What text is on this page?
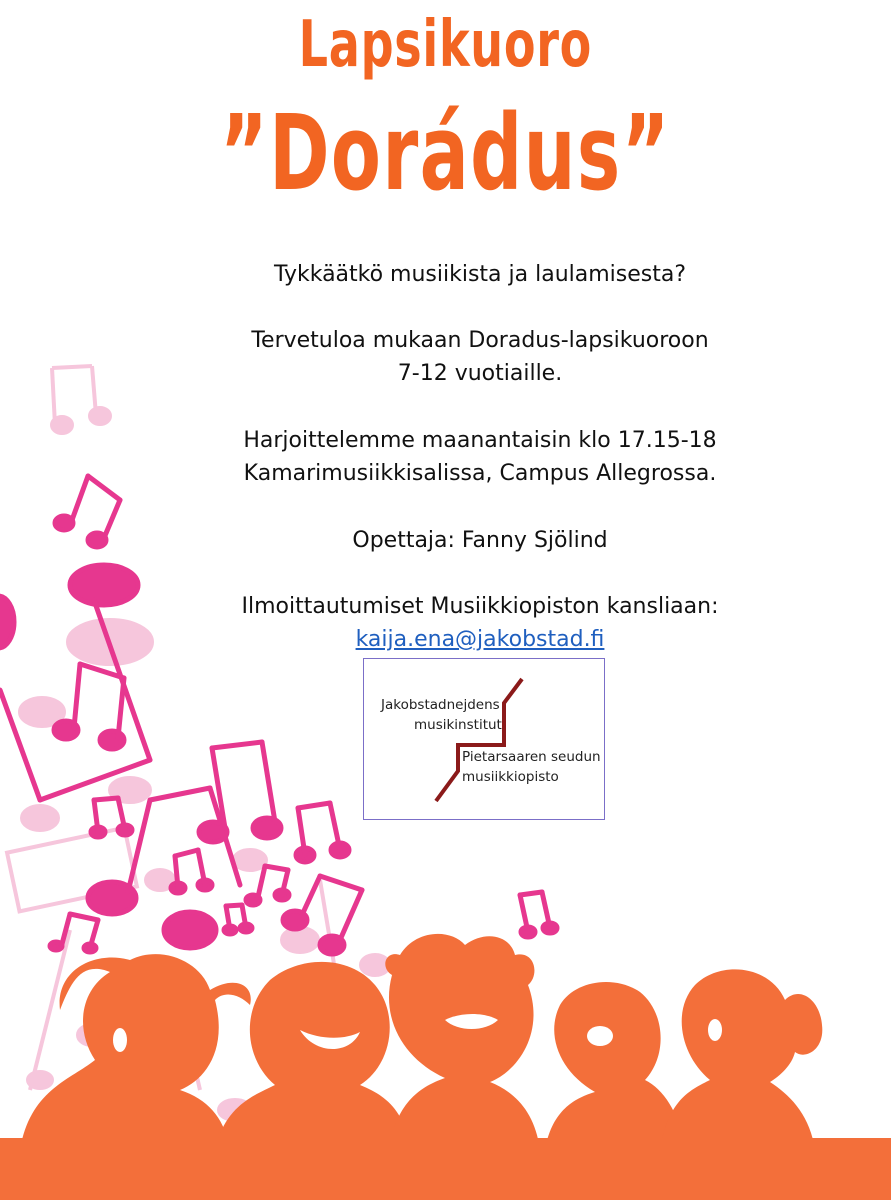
Lapsikuoro
”Dorádus”

Tykkäätkö musiikista ja laulamisesta?

Tervetuloa mukaan Doradus-lapsikuoroon

7-12 vuotiaille.

Harjoittelemme maanantaisin klo 17.15-18

Kamarimusiikkisalissa, Campus Allegrossa.

Opettaja: Fanny Sjölind

Ilmoittautumiset Musiikkiopiston kansliaan:

kaija.ena@jakobstad.fi

Jakobstadnejdens
musikinstitut
Pietarsaaren seudun
musiikkiopisto
